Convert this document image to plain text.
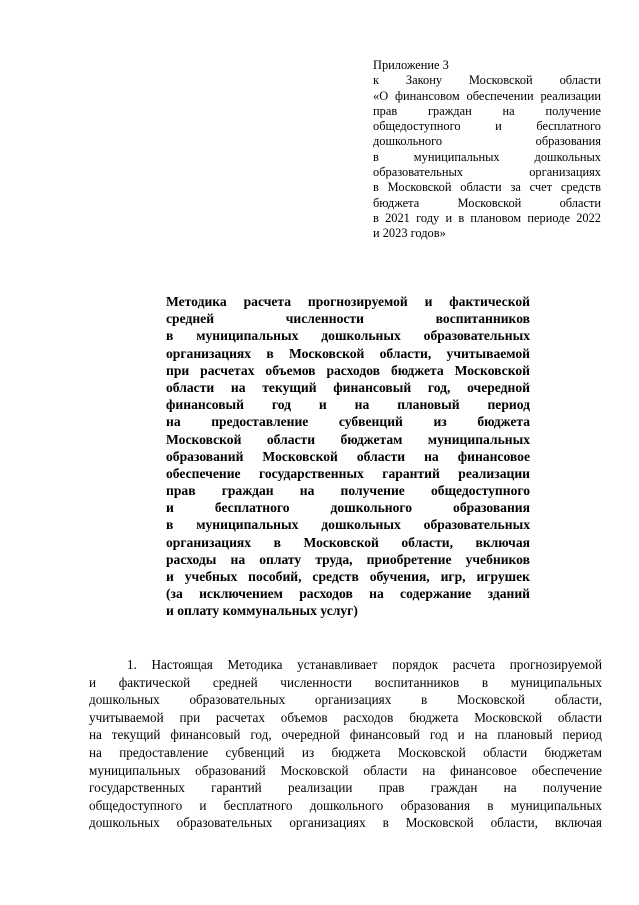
Приложение 3
к Закону Московской области
«О финансовом обеспечении реализации
прав граждан на получение
общедоступного и бесплатного
дошкольного образования
в муниципальных дошкольных
образовательных организациях
в Московской области за счет средств
бюджета Московской области
в 2021 году и в плановом периоде 2022
и 2023 годов»
Методика расчета прогнозируемой и фактической
средней численности воспитанников
в муниципальных дошкольных образовательных
организациях в Московской области, учитываемой
при расчетах объемов расходов бюджета Московской
области на текущий финансовый год, очередной
финансовый год и на плановый период
на предоставление субвенций из бюджета
Московской области бюджетам муниципальных
образований Московской области на финансовое
обеспечение государственных гарантий реализации
прав граждан на получение общедоступного
и бесплатного дошкольного образования
в муниципальных дошкольных образовательных
организациях в Московской области, включая
расходы на оплату труда, приобретение учебников
и учебных пособий, средств обучения, игр, игрушек
(за исключением расходов на содержание зданий
и оплату коммунальных услуг)
1. Настоящая Методика устанавливает порядок расчета прогнозируемой
и фактической средней численности воспитанников в муниципальных
дошкольных образовательных организациях в Московской области,
учитываемой при расчетах объемов расходов бюджета Московской области
на текущий финансовый год, очередной финансовый год и на плановый период
на предоставление субвенций из бюджета Московской области бюджетам
муниципальных образований Московской области на финансовое обеспечение
государственных гарантий реализации прав граждан на получение
общедоступного и бесплатного дошкольного образования в муниципальных
дошкольных образовательных организациях в Московской области, включая
